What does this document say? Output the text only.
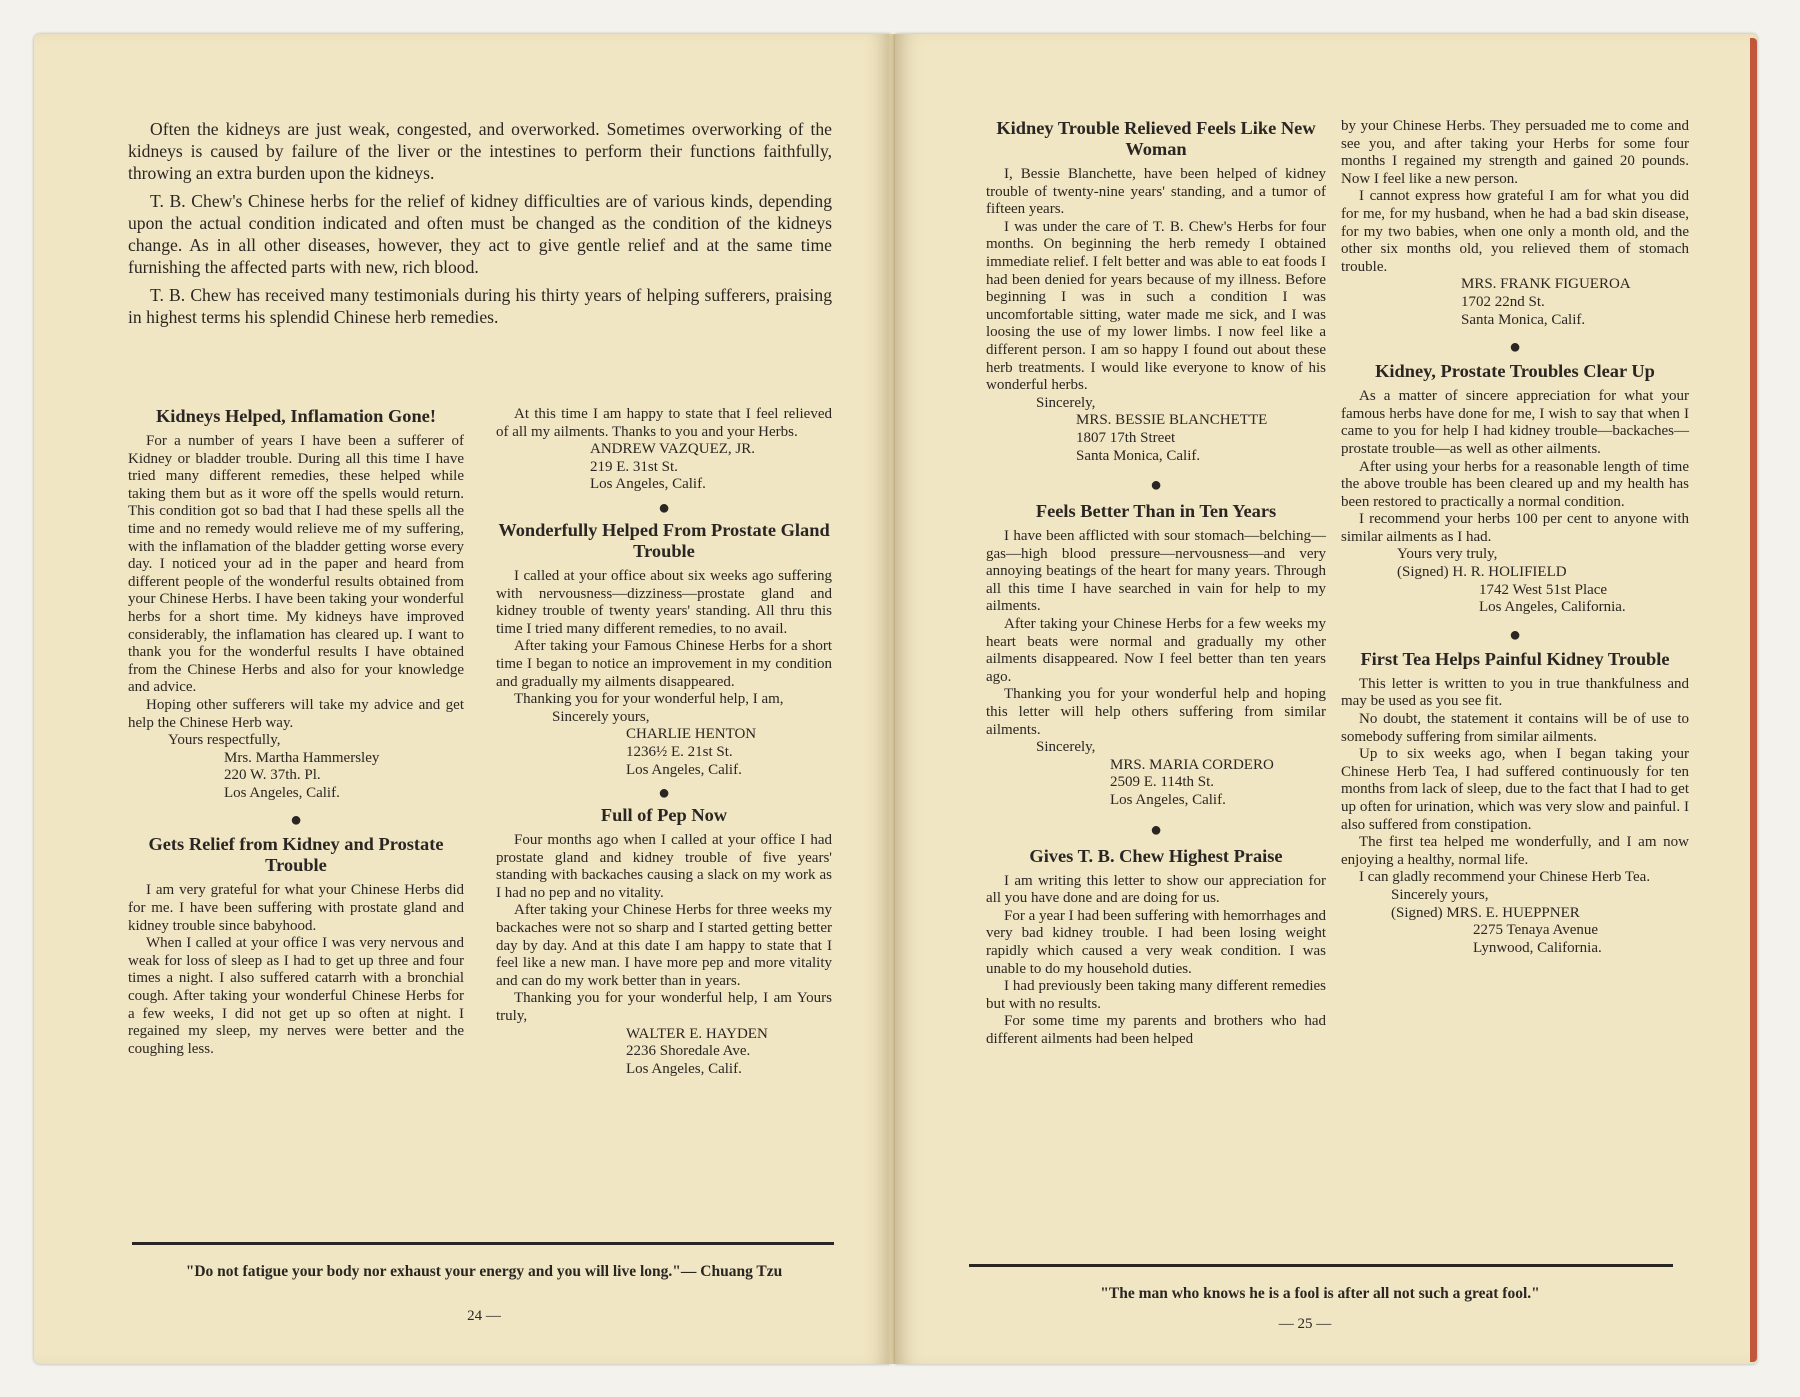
Often the kidneys are just weak, congested, and overworked. Sometimes overworking of the kidneys is caused by failure of the liver or the intestines to perform their functions faithfully, throwing an extra burden upon the kidneys.

T. B. Chew's Chinese herbs for the relief of kidney difficulties are of various kinds, depending upon the actual condition indicated and often must be changed as the condition of the kidneys change. As in all other diseases, however, they act to give gentle relief and at the same time furnishing the affected parts with new, rich blood.

T. B. Chew has received many testimonials during his thirty years of helping sufferers, praising in highest terms his splendid Chinese herb remedies.

Kidneys Helped, Inflamation Gone!

For a number of years I have been a sufferer of Kidney or bladder trouble. During all this time I have tried many different remedies, these helped while taking them but as it wore off the spells would return. This condition got so bad that I had these spells all the time and no remedy would relieve me of my suffering, with the inflamation of the bladder getting worse every day. I noticed your ad in the paper and heard from different people of the wonderful results obtained from your Chinese Herbs. I have been taking your wonderful herbs for a short time. My kidneys have improved considerably, the inflamation has cleared up. I want to thank you for the wonderful results I have obtained from the Chinese Herbs and also for your knowledge and advice.

Hoping other sufferers will take my advice and get help the Chinese Herb way.

Yours respectfully,
Mrs. Martha Hammersley
220 W. 37th. Pl.
Los Angeles, Calif.
●
Gets Relief from Kidney and Prostate Trouble

I am very grateful for what your Chinese Herbs did for me. I have been suffering with prostate gland and kidney trouble since babyhood.

When I called at your office I was very nervous and weak for loss of sleep as I had to get up three and four times a night. I also suffered catarrh with a bronchial cough. After taking your wonderful Chinese Herbs for a few weeks, I did not get up so often at night. I regained my sleep, my nerves were better and the coughing less.

At this time I am happy to state that I feel relieved of all my ailments. Thanks to you and your Herbs.

ANDREW VAZQUEZ, JR.
219 E. 31st St.
Los Angeles, Calif.
●
Wonderfully Helped From Prostate Gland Trouble

I called at your office about six weeks ago suffering with nervousness—dizziness—prostate gland and kidney trouble of twenty years' standing. All thru this time I tried many different remedies, to no avail.

After taking your Famous Chinese Herbs for a short time I began to notice an improvement in my condition and gradually my ailments disappeared.

Thanking you for your wonderful help, I am,

Sincerely yours,
CHARLIE HENTON
1236½ E. 21st St.
Los Angeles, Calif.
●
Full of Pep Now

Four months ago when I called at your office I had prostate gland and kidney trouble of five years' standing with backaches causing a slack on my work as I had no pep and no vitality.

After taking your Chinese Herbs for three weeks my backaches were not so sharp and I started getting better day by day. And at this date I am happy to state that I feel like a new man. I have more pep and more vitality and can do my work better than in years.

Thanking you for your wonderful help, I am Yours truly,

WALTER E. HAYDEN
2236 Shoredale Ave.
Los Angeles, Calif.
"Do not fatigue your body nor exhaust your energy and you will live long."— Chuang Tzu
24 —
Kidney Trouble Relieved Feels Like New Woman

I, Bessie Blanchette, have been helped of kidney trouble of twenty-nine years' standing, and a tumor of fifteen years.

I was under the care of T. B. Chew's Herbs for four months. On beginning the herb remedy I obtained immediate relief. I felt better and was able to eat foods I had been denied for years because of my illness. Before beginning I was in such a condition I was uncomfortable sitting, water made me sick, and I was loosing the use of my lower limbs. I now feel like a different person. I am so happy I found out about these herb treatments. I would like everyone to know of his wonderful herbs.

Sincerely,
MRS. BESSIE BLANCHETTE
1807 17th Street
Santa Monica, Calif.
●
Feels Better Than in Ten Years

I have been afflicted with sour stomach—belching—gas—high blood pressure—nervousness—and very annoying beatings of the heart for many years. Through all this time I have searched in vain for help to my ailments.

After taking your Chinese Herbs for a few weeks my heart beats were normal and gradually my other ailments disappeared. Now I feel better than ten years ago.

Thanking you for your wonderful help and hoping this letter will help others suffering from similar ailments.

Sincerely,
MRS. MARIA CORDERO
2509 E. 114th St.
Los Angeles, Calif.
●
Gives T. B. Chew Highest Praise

I am writing this letter to show our appreciation for all you have done and are doing for us.

For a year I had been suffering with hemorrhages and very bad kidney trouble. I had been losing weight rapidly which caused a very weak condition. I was unable to do my household duties.

I had previously been taking many different remedies but with no results.

For some time my parents and brothers who had different ailments had been helped

by your Chinese Herbs. They persuaded me to come and see you, and after taking your Herbs for some four months I regained my strength and gained 20 pounds. Now I feel like a new person.

I cannot express how grateful I am for what you did for me, for my husband, when he had a bad skin disease, for my two babies, when one only a month old, and the other six months old, you relieved them of stomach trouble.

MRS. FRANK FIGUEROA
1702 22nd St.
Santa Monica, Calif.
●
Kidney, Prostate Troubles Clear Up

As a matter of sincere appreciation for what your famous herbs have done for me, I wish to say that when I came to you for help I had kidney trouble—backaches—prostate trouble—as well as other ailments.

After using your herbs for a reasonable length of time the above trouble has been cleared up and my health has been restored to practically a normal condition.

I recommend your herbs 100 per cent to anyone with similar ailments as I had.

Yours very truly,
(Signed) H. R. HOLIFIELD
1742 West 51st Place
Los Angeles, California.
●
First Tea Helps Painful Kidney Trouble

This letter is written to you in true thankfulness and may be used as you see fit.

No doubt, the statement it contains will be of use to somebody suffering from similar ailments.

Up to six weeks ago, when I began taking your Chinese Herb Tea, I had suffered continuously for ten months from lack of sleep, due to the fact that I had to get up often for urination, which was very slow and painful. I also suffered from constipation.

The first tea helped me wonderfully, and I am now enjoying a healthy, normal life.

I can gladly recommend your Chinese Herb Tea.

Sincerely yours,
(Signed) MRS. E. HUEPPNER
2275 Tenaya Avenue
Lynwood, California.
"The man who knows he is a fool is after all not such a great fool."
— 25 —
